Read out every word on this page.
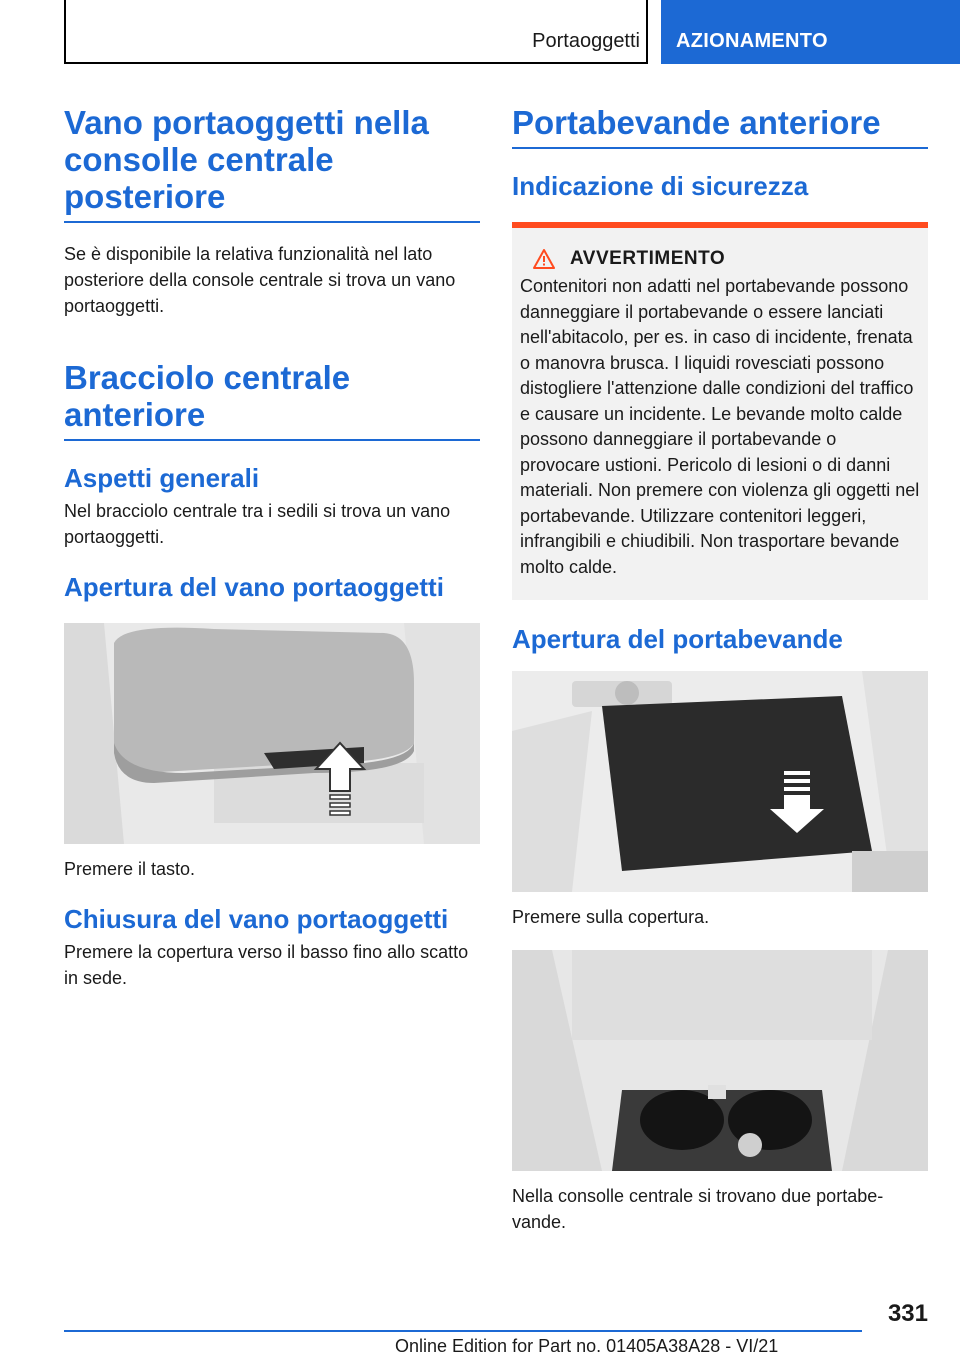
Portaoggetti AZIONAMENTO
Vano portaoggetti nella consolle centrale posteriore

Se è disponibile la relativa funzionalità nel lato posteriore della console centrale si trova un vano portaoggetti.

Bracciolo centrale anteriore
Aspetti generali

Nel bracciolo centrale tra i sedili si trova un vano portaoggetti.

Apertura del vano portaoggetti

Premere il tasto.

Chiusura del vano portaoggetti

Premere la copertura verso il basso fino allo scatto in sede.

Portabevande anteriore
Indicazione di sicurezza
AVVERTIMENTO

Contenitori non adatti nel portabevande possono danneggiare il portabevande o essere lanciati nell'abitacolo, per es. in caso di incidente, frenata o manovra brusca. I liquidi rovesciati possono distogliere l'attenzione dalle condizioni del traffico e causare un incidente. Le bevande molto calde possono danneggiare il portabevande o provocare ustioni. Pericolo di lesioni o di danni materiali. Non premere con violenza gli oggetti nel portabevande. Utilizzare contenitori leggeri, infrangibili e chiudibili. Non trasportare bevande molto calde.

Apertura del portabevande

Premere sulla copertura.

Nella consolle centrale si trovano due portabevande.

331
Online Edition for Part no. 01405A38A28 - VI/21
